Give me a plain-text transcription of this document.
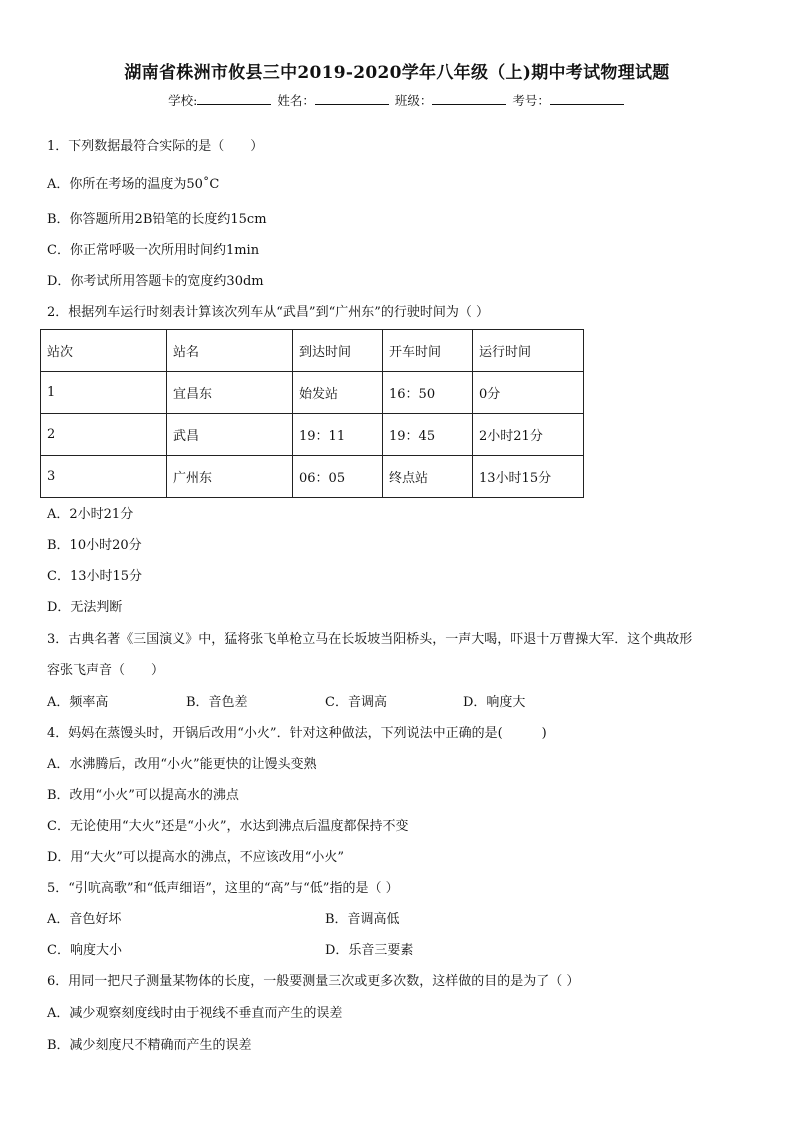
湖南省株洲市攸县三中2019-2020学年八年级（上)期中考试物理试题
学校:	姓名：	班级：	考号：
1．下列数据最符合实际的是（　　）
A．你所在考场的温度为50˚C
B．你答题所用2B铅笔的长度约15cm
C．你正常呼吸一次所用时间约1min
D．你考试所用答题卡的宽度约30dm
2．根据列车运行时刻表计算该次列车从“武昌”到“广州东”的行驶时间为（ ）
站次	站名	到达时间	开车时间	运行时间
1	宜昌东	始发站	16：50	0分
2	武昌	19：11	19：45	2小时21分
3	广州东	06：05	终点站	13小时15分
A．2小时21分
B．10小时20分
C．13小时15分
D．无法判断
3．古典名著《三国演义》中，猛将张飞单枪立马在长坂坡当阳桥头，一声大喝，吓退十万曹操大军．这个典故形
容张飞声音（　　）
A．频率高	B．音色差	C．音调高	D．响度大
4．妈妈在蒸馒头时，开锅后改用“小火”．针对这种做法，下列说法中正确的是(　　　)
A．水沸腾后，改用“小火”能更快的让馒头变熟
B．改用“小火”可以提高水的沸点
C．无论使用“大火”还是“小火”，水达到沸点后温度都保持不变
D．用“大火”可以提高水的沸点，不应该改用“小火”
5．“引吭高歌”和“低声细语”，这里的“高”与“低”指的是（ ）
A．音色好坏	B．音调高低
C．响度大小	D．乐音三要素
6．用同一把尺子测量某物体的长度，一般要测量三次或更多次数，这样做的目的是为了（ ）
A．减少观察刻度线时由于视线不垂直而产生的误差
B．减少刻度尺不精确而产生的误差
